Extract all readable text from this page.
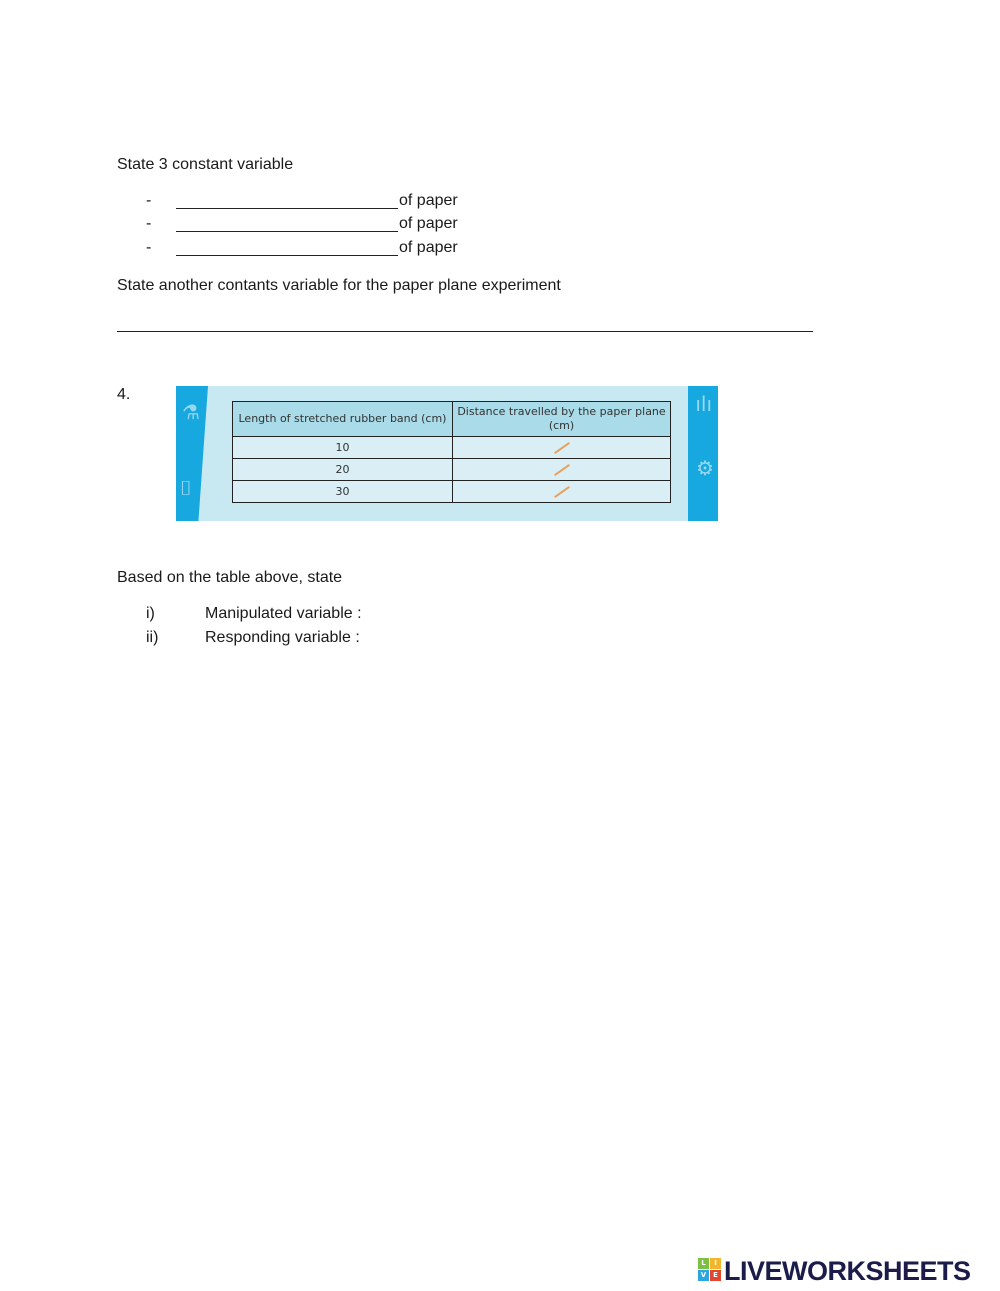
State 3 constant variable
-	of paper
-	of paper
-	of paper
State another contants variable for the paper plane experiment
4.
⚗
⌷
ılı
⚙
Length of stretched rubber band (cm)	Distance travelled by the paper plane (cm)
10	
20	
30	
Based on the table above, state
i)	Manipulated variable :
ii)	Responding variable :
L	I
V E LIVEWORKSHEETS
